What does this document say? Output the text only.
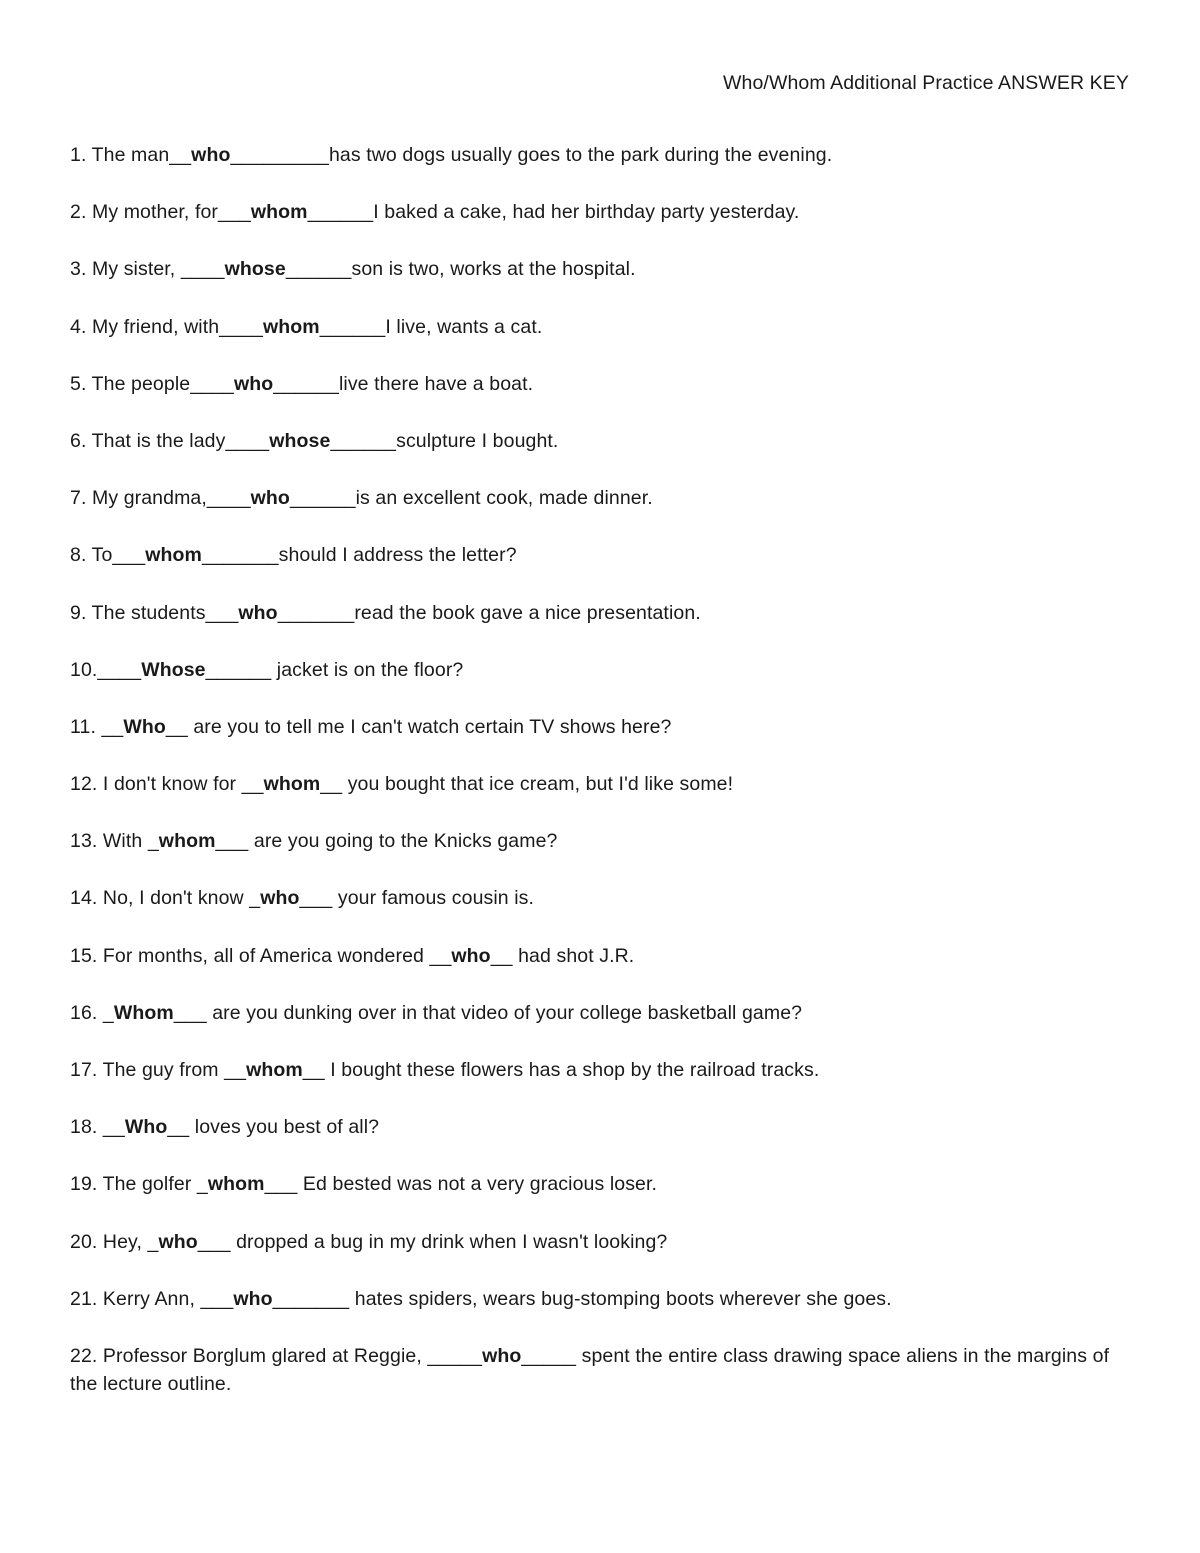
Who/Whom Additional Practice ANSWER KEY
1. The man__who_________has two dogs usually goes to the park during the evening.
2. My mother, for___whom______I baked a cake, had her birthday party yesterday.
3. My sister, ____whose______son is two, works at the hospital.
4. My friend, with____whom______I live, wants a cat.
5. The people____who______live there have a boat.
6. That is the lady____whose______sculpture I bought.
7. My grandma,____who______is an excellent cook, made dinner.
8. To___whom_______should I address the letter?
9. The students___who_______read the book gave a nice presentation.
10.____Whose______ jacket is on the floor?
11. __Who__ are you to tell me I can't watch certain TV shows here?
12. I don't know for __whom__ you bought that ice cream, but I'd like some!
13. With _whom___ are you going to the Knicks game?
14. No, I don't know _who___ your famous cousin is.
15. For months, all of America wondered __who__ had shot J.R.
16. _Whom___ are you dunking over in that video of your college basketball game?
17. The guy from __whom__ I bought these flowers has a shop by the railroad tracks.
18. __Who__ loves you best of all?
19. The golfer _whom___ Ed bested was not a very gracious loser.
20. Hey, _who___ dropped a bug in my drink when I wasn't looking?
21. Kerry Ann, ___who_______ hates spiders, wears bug-stomping boots wherever she goes.
22. Professor Borglum glared at Reggie, _____who_____ spent the entire class drawing space aliens in the margins of the lecture outline.
